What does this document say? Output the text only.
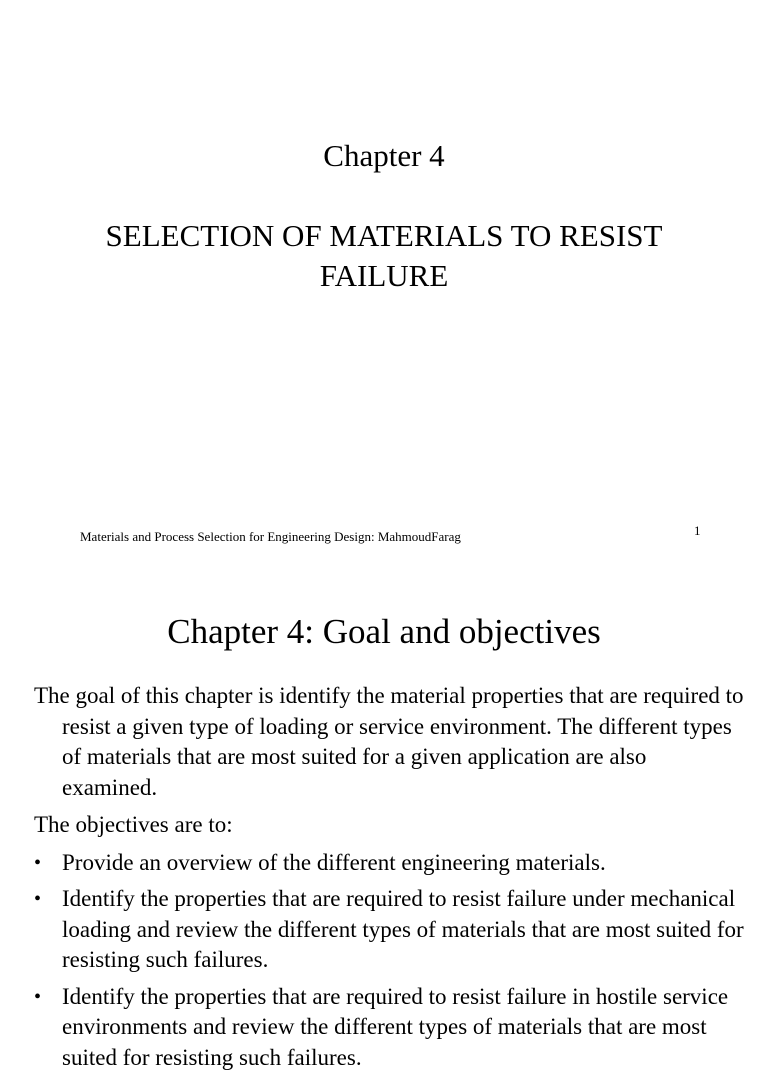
Chapter 4
SELECTION OF MATERIALS TO RESIST FAILURE
Materials and Process Selection for Engineering Design: MahmoudFarag	1
Chapter 4: Goal and objectives

The goal of this chapter is identify the material properties that are required to resist a given type of loading or service environment. The different types of materials that are most suited for a given application are also examined.

The objectives are to:

• Provide an overview of the different engineering materials.
• Identify the properties that are required to resist failure under mechanical loading and review the different types of materials that are most suited for resisting such failures.
• Identify the properties that are required to resist failure in hostile service environments and review the different types of materials that are most suited for resisting such failures.
